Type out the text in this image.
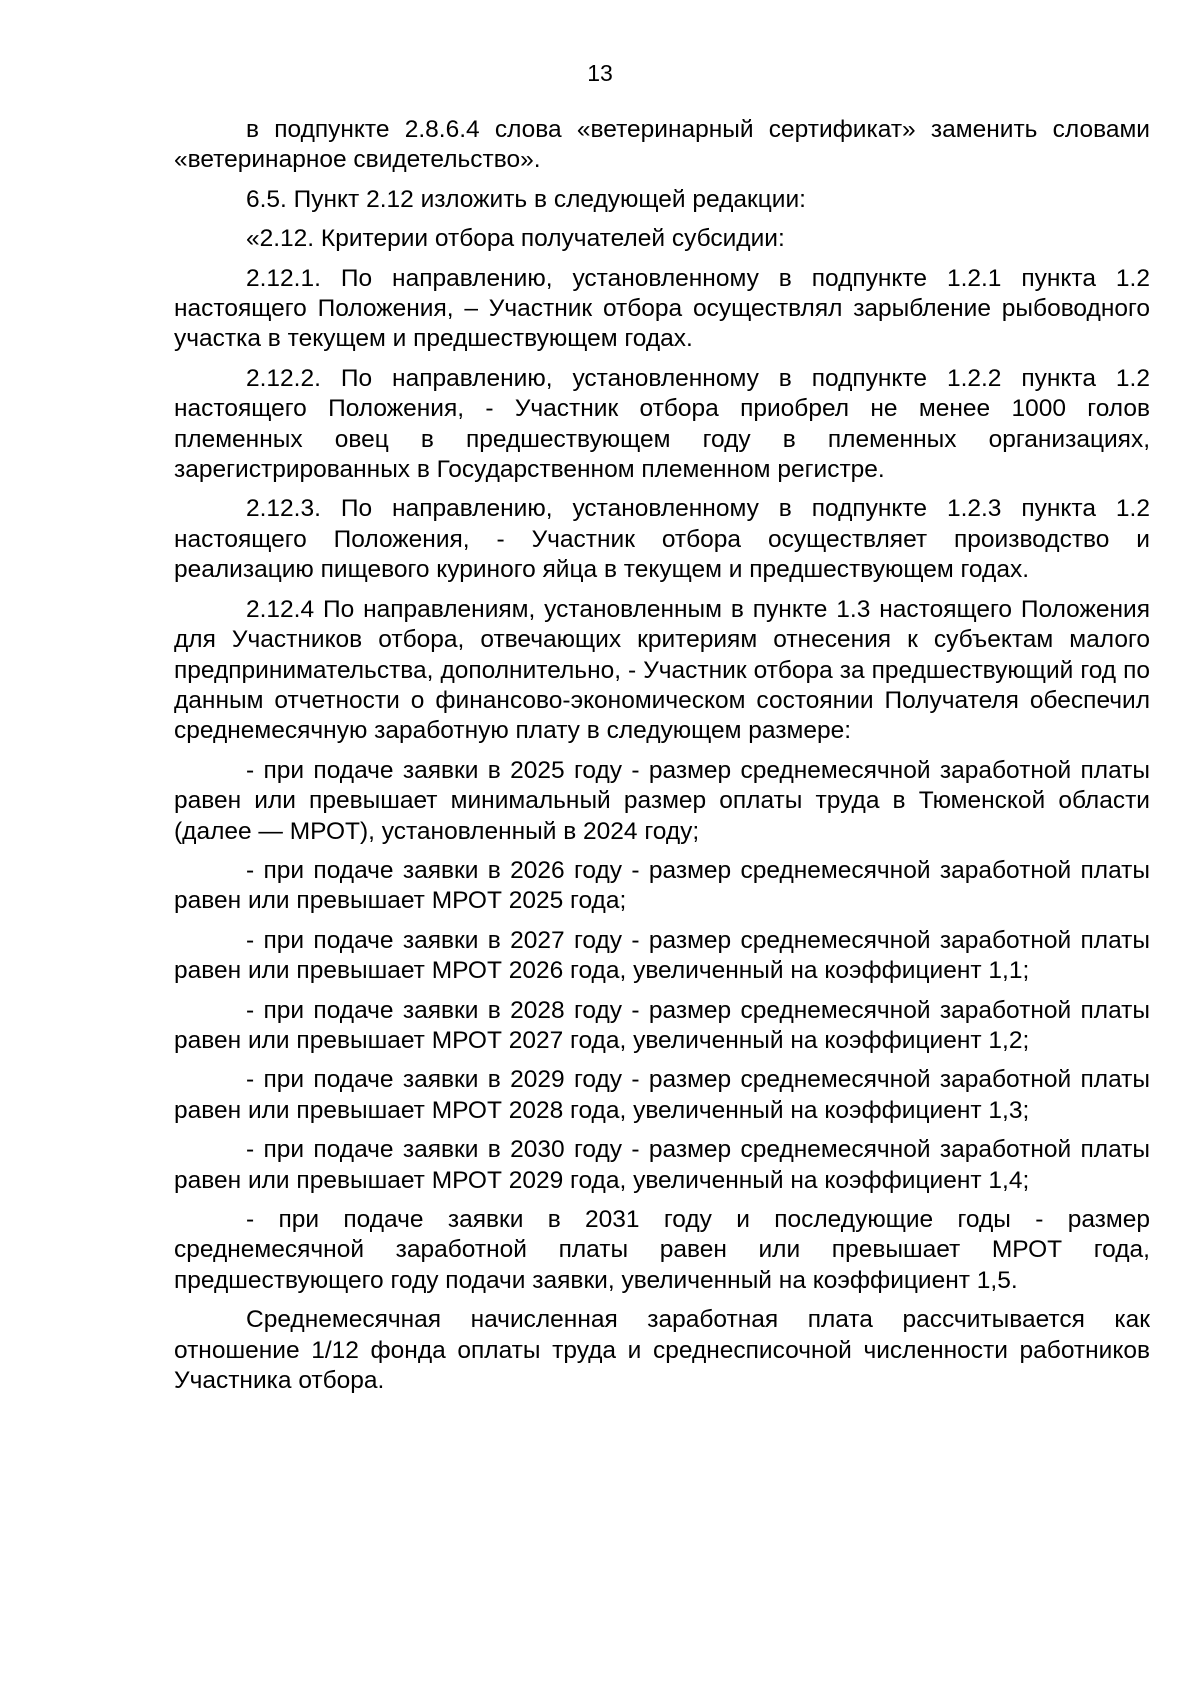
13

в подпункте 2.8.6.4 слова «ветеринарный сертификат» заменить словами «ветеринарное свидетельство».

6.5. Пункт 2.12 изложить в следующей редакции:

«2.12. Критерии отбора получателей субсидии:

2.12.1. По направлению, установленному в подпункте 1.2.1 пункта 1.2 настоящего Положения, – Участник отбора осуществлял зарыбление рыбоводного участка в текущем и предшествующем годах.

2.12.2. По направлению, установленному в подпункте 1.2.2 пункта 1.2 настоящего Положения, - Участник отбора приобрел не менее 1000 голов племенных овец в предшествующем году в племенных организациях, зарегистрированных в Государственном племенном регистре.

2.12.3. По направлению, установленному в подпункте 1.2.3 пункта 1.2 настоящего Положения, - Участник отбора осуществляет производство и реализацию пищевого куриного яйца в текущем и предшествующем годах.

2.12.4 По направлениям, установленным в пункте 1.3 настоящего Положения для Участников отбора, отвечающих критериям отнесения к субъектам малого предпринимательства, дополнительно, - Участник отбора за предшествующий год по данным отчетности о финансово-экономическом состоянии Получателя обеспечил среднемесячную заработную плату в следующем размере:

- при подаче заявки в 2025 году - размер среднемесячной заработной платы равен или превышает минимальный размер оплаты труда в Тюменской области (далее — МРОТ), установленный в 2024 году;

- при подаче заявки в 2026 году - размер среднемесячной заработной платы равен или превышает МРОТ 2025 года;

- при подаче заявки в 2027 году - размер среднемесячной заработной платы равен или превышает МРОТ 2026 года, увеличенный на коэффициент 1,1;

- при подаче заявки в 2028 году - размер среднемесячной заработной платы равен или превышает МРОТ 2027 года, увеличенный на коэффициент 1,2;

- при подаче заявки в 2029 году - размер среднемесячной заработной платы равен или превышает МРОТ 2028 года, увеличенный на коэффициент 1,3;

- при подаче заявки в 2030 году - размер среднемесячной заработной платы равен или превышает МРОТ 2029 года, увеличенный на коэффициент 1,4;

- при подаче заявки в 2031 году и последующие годы - размер среднемесячной заработной платы равен или превышает МРОТ года, предшествующего году подачи заявки, увеличенный на коэффициент 1,5.

Среднемесячная начисленная заработная плата рассчитывается как отношение 1/12 фонда оплаты труда и среднесписочной численности работников Участника отбора.
